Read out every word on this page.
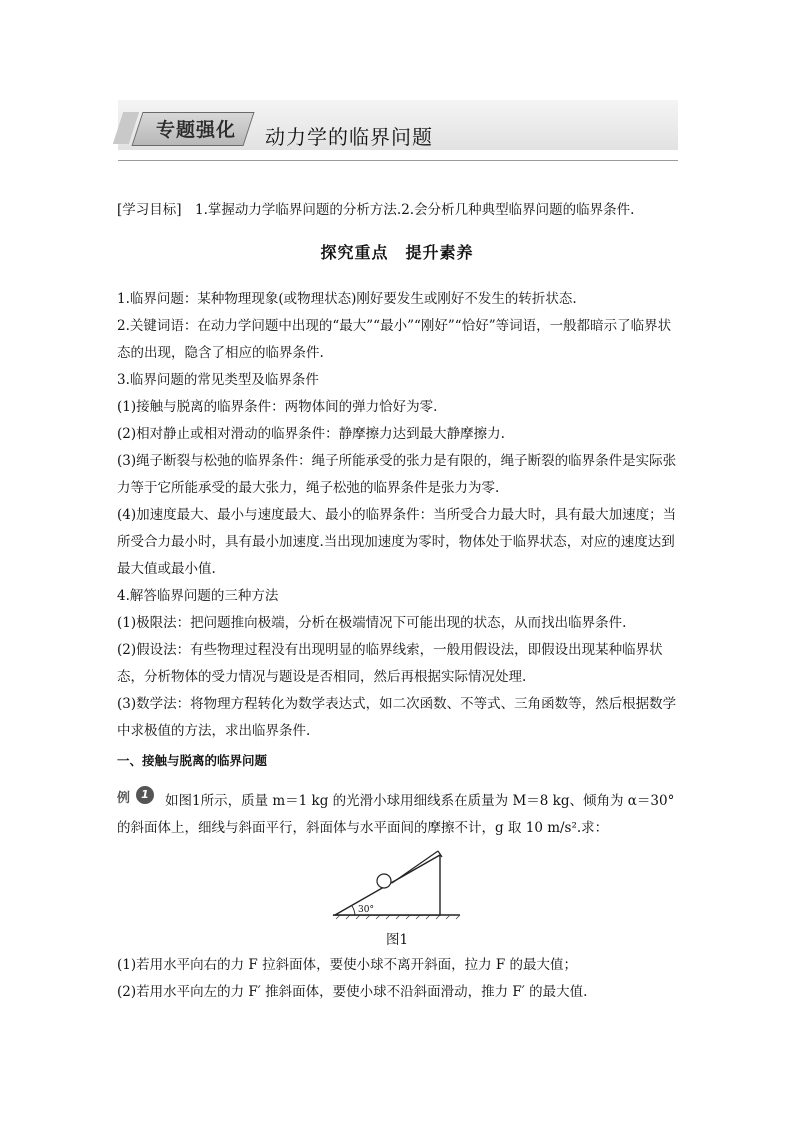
专题强化	动力学的临界问题
[学习目标]　1.掌握动力学临界问题的分析方法.2.会分析几种典型临界问题的临界条件.
探究重点　提升素养
1.临界问题：某种物理现象(或物理状态)刚好要发生或刚好不发生的转折状态.
2.关键词语：在动力学问题中出现的“最大”“最小”“刚好”“恰好”等词语，一般都暗示了临界状态的出现，隐含了相应的临界条件.
3.临界问题的常见类型及临界条件
(1)接触与脱离的临界条件：两物体间的弹力恰好为零.
(2)相对静止或相对滑动的临界条件：静摩擦力达到最大静摩擦力.
(3)绳子断裂与松弛的临界条件：绳子所能承受的张力是有限的，绳子断裂的临界条件是实际张力等于它所能承受的最大张力，绳子松弛的临界条件是张力为零.
(4)加速度最大、最小与速度最大、最小的临界条件：当所受合力最大时，具有最大加速度；当所受合力最小时，具有最小加速度.当出现加速度为零时，物体处于临界状态，对应的速度达到最大值或最小值.
4.解答临界问题的三种方法
(1)极限法：把问题推向极端，分析在极端情况下可能出现的状态，从而找出临界条件.
(2)假设法：有些物理过程没有出现明显的临界线索，一般用假设法，即假设出现某种临界状态，分析物体的受力情况与题设是否相同，然后再根据实际情况处理.
(3)数学法：将物理方程转化为数学表达式，如二次函数、不等式、三角函数等，然后根据数学中求极值的方法，求出临界条件.
一、接触与脱离的临界问题
例	1	如图1所示，质量 m＝1 kg 的光滑小球用细线系在质量为 M＝8 kg、倾角为 α＝30°的斜面体上，细线与斜面平行，斜面体与水平面间的摩擦不计，g 取 10 m/s².求：
30°
图1
(1)若用水平向右的力 F 拉斜面体，要使小球不离开斜面，拉力 F 的最大值；
(2)若用水平向左的力 F′ 推斜面体，要使小球不沿斜面滑动，推力 F′ 的最大值.
